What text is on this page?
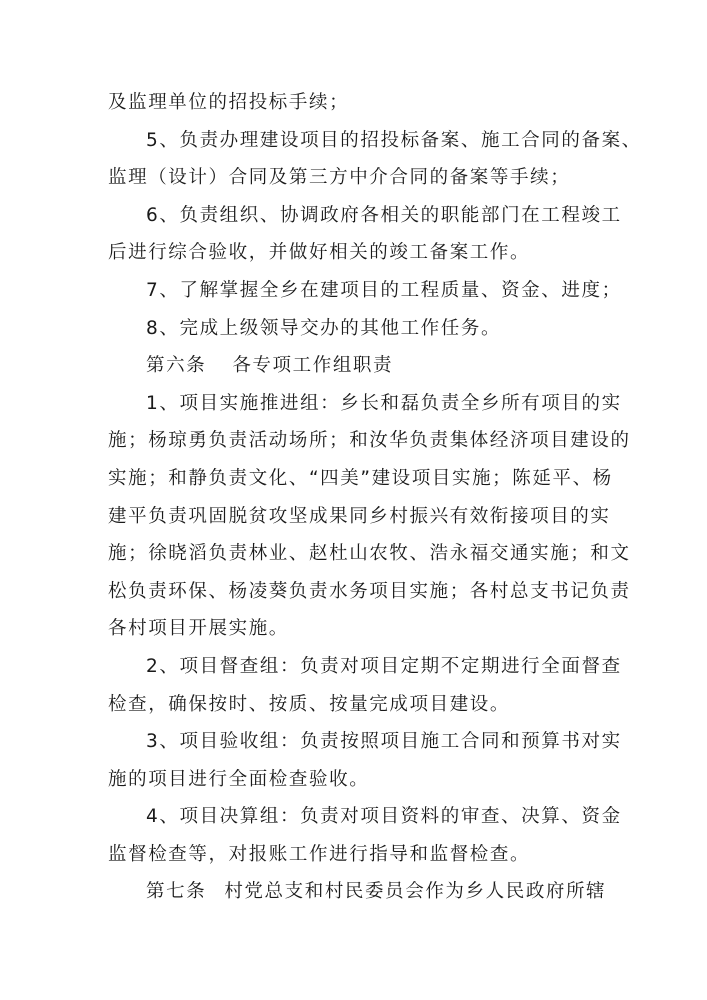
及监理单位的招投标手续；
5、负责办理建设项目的招投标备案、施工合同的备案、
监理（设计）合同及第三方中介合同的备案等手续；
6、负责组织、协调政府各相关的职能部门在工程竣工
后进行综合验收，并做好相关的竣工备案工作。
7、了解掌握全乡在建项目的工程质量、资金、进度；
8、完成上级领导交办的其他工作任务。
第六条 各专项工作组职责
1、项目实施推进组：乡长和磊负责全乡所有项目的实
施；杨琼勇负责活动场所；和汝华负责集体经济项目建设的
实施；和静负责文化、“四美”建设项目实施；陈延平、杨
建平负责巩固脱贫攻坚成果同乡村振兴有效衔接项目的实
施；徐晓滔负责林业、赵杜山农牧、浩永福交通实施；和文
松负责环保、杨凌葵负责水务项目实施；各村总支书记负责
各村项目开展实施。
2、项目督查组：负责对项目定期不定期进行全面督查
检查，确保按时、按质、按量完成项目建设。
3、项目验收组：负责按照项目施工合同和预算书对实
施的项目进行全面检查验收。
4、项目决算组：负责对项目资料的审查、决算、资金
监督检查等，对报账工作进行指导和监督检查。
第七条 村党总支和村民委员会作为乡人民政府所辖
